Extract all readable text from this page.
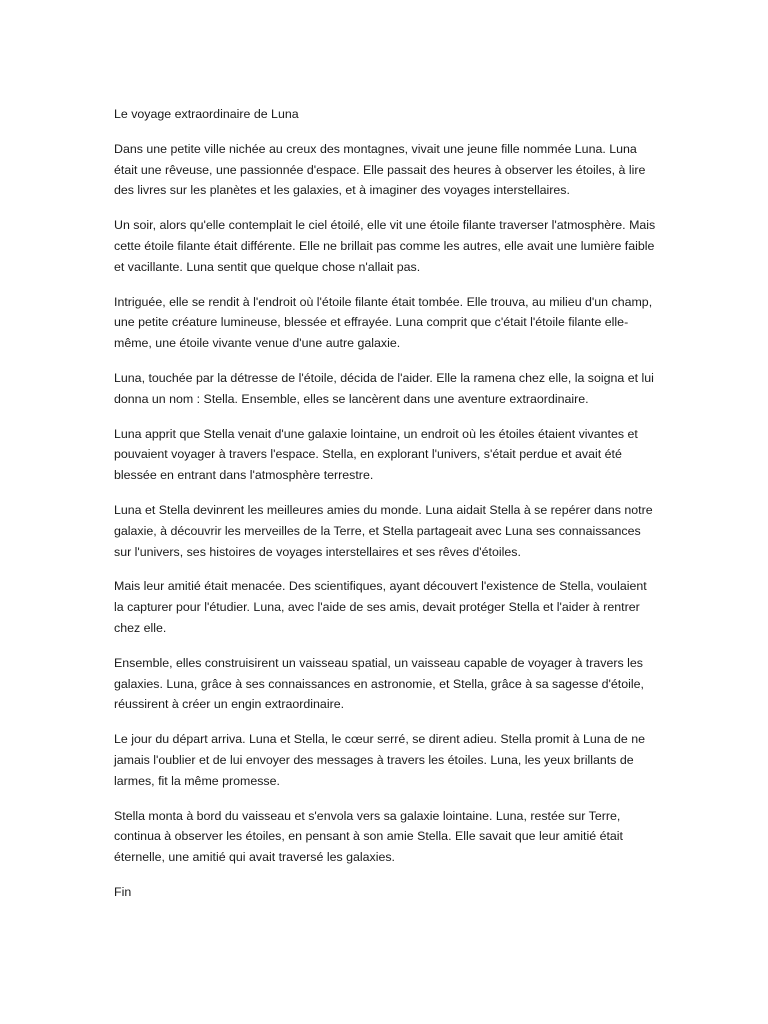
Le voyage extraordinaire de Luna

Dans une petite ville nichée au creux des montagnes, vivait une jeune fille nommée Luna. Luna était une rêveuse, une passionnée d'espace. Elle passait des heures à observer les étoiles, à lire des livres sur les planètes et les galaxies, et à imaginer des voyages interstellaires.

Un soir, alors qu'elle contemplait le ciel étoilé, elle vit une étoile filante traverser l'atmosphère. Mais cette étoile filante était différente. Elle ne brillait pas comme les autres, elle avait une lumière faible et vacillante. Luna sentit que quelque chose n'allait pas.

Intriguée, elle se rendit à l'endroit où l'étoile filante était tombée. Elle trouva, au milieu d'un champ, une petite créature lumineuse, blessée et effrayée. Luna comprit que c'était l'étoile filante elle-même, une étoile vivante venue d'une autre galaxie.

Luna, touchée par la détresse de l'étoile, décida de l'aider. Elle la ramena chez elle, la soigna et lui donna un nom : Stella. Ensemble, elles se lancèrent dans une aventure extraordinaire.

Luna apprit que Stella venait d'une galaxie lointaine, un endroit où les étoiles étaient vivantes et pouvaient voyager à travers l'espace. Stella, en explorant l'univers, s'était perdue et avait été blessée en entrant dans l'atmosphère terrestre.

Luna et Stella devinrent les meilleures amies du monde. Luna aidait Stella à se repérer dans notre galaxie, à découvrir les merveilles de la Terre, et Stella partageait avec Luna ses connaissances sur l'univers, ses histoires de voyages interstellaires et ses rêves d'étoiles.

Mais leur amitié était menacée. Des scientifiques, ayant découvert l'existence de Stella, voulaient la capturer pour l'étudier. Luna, avec l'aide de ses amis, devait protéger Stella et l'aider à rentrer chez elle.

Ensemble, elles construisirent un vaisseau spatial, un vaisseau capable de voyager à travers les galaxies. Luna, grâce à ses connaissances en astronomie, et Stella, grâce à sa sagesse d'étoile, réussirent à créer un engin extraordinaire.

Le jour du départ arriva. Luna et Stella, le cœur serré, se dirent adieu. Stella promit à Luna de ne jamais l'oublier et de lui envoyer des messages à travers les étoiles. Luna, les yeux brillants de larmes, fit la même promesse.

Stella monta à bord du vaisseau et s'envola vers sa galaxie lointaine. Luna, restée sur Terre, continua à observer les étoiles, en pensant à son amie Stella. Elle savait que leur amitié était éternelle, une amitié qui avait traversé les galaxies.

Fin
